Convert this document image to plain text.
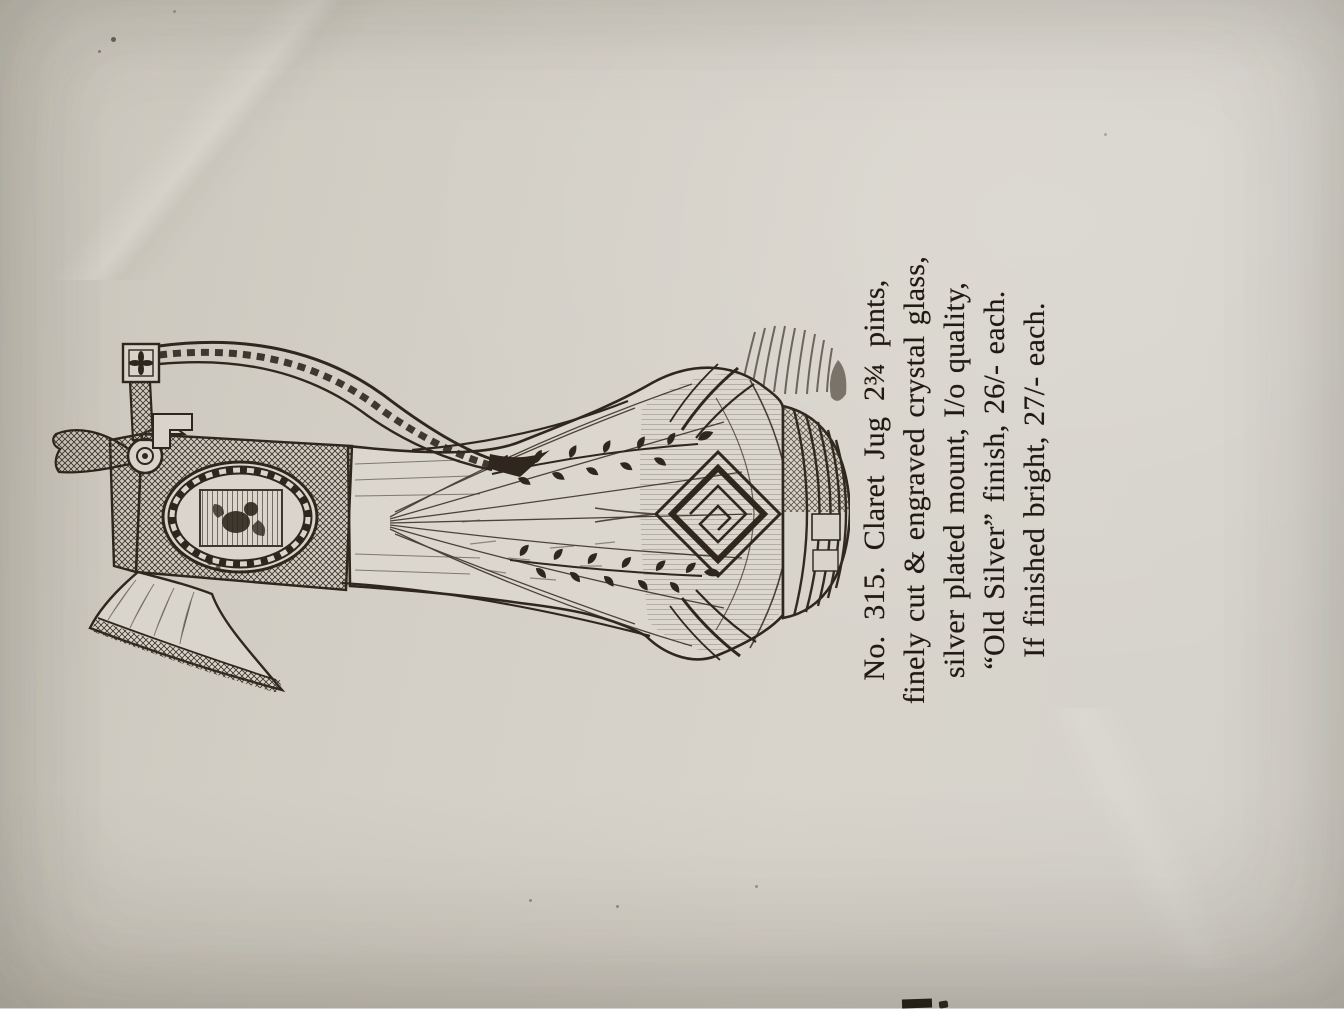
No. 315. Claret Jug 2¾ pints, finely cut & engraved crystal glass, silver plated mount, I/o quality, “Old Silver” finish, 26/- each. If finished bright, 27/- each.
